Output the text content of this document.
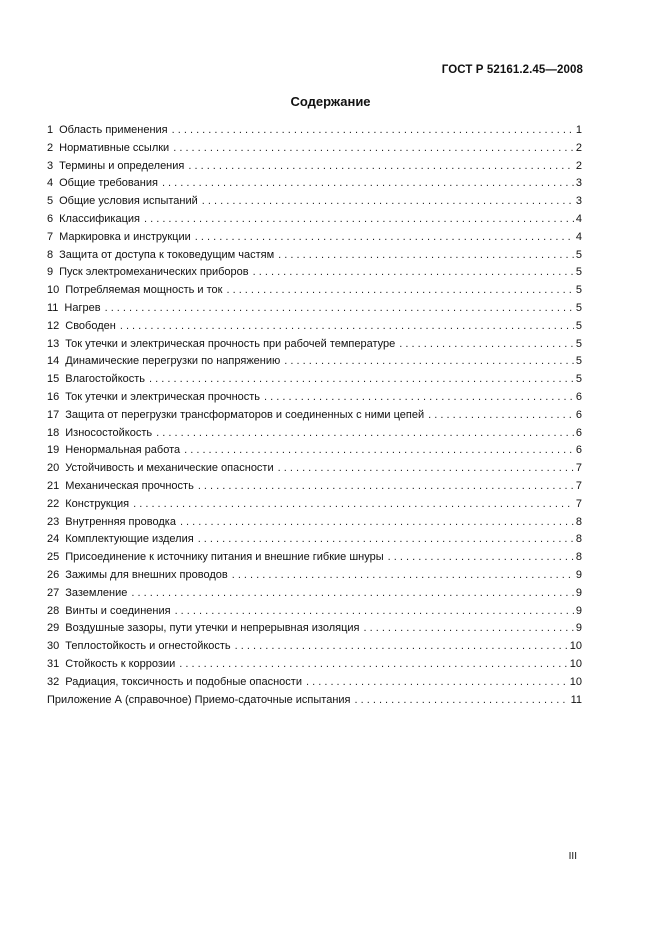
ГОСТ Р 52161.2.45—2008
Содержание
1 Область применения . . .	1
2 Нормативные ссылки . . .	2
3 Термины и определения . . .	2
4 Общие требования . . .	3
5 Общие условия испытаний . . .	3
6 Классификация . . .	4
7 Маркировка и инструкции . . .	4
8 Защита от доступа к токоведущим частям . . .	5
9 Пуск электромеханических приборов . . .	5
10 Потребляемая мощность и ток . . .	5
11 Нагрев . . .	5
12 Свободен . . .	5
13 Ток утечки и электрическая прочность при рабочей температуре . . .	5
14 Динамические перегрузки по напряжению . . .	5
15 Влагостойкость . . .	5
16 Ток утечки и электрическая прочность . . .	6
17 Защита от перегрузки трансформаторов и соединенных с ними цепей . . .	6
18 Износостойкость . . .	6
19 Ненормальная работа . . .	6
20 Устойчивость и механические опасности . . .	7
21 Механическая прочность . . .	7
22 Конструкция . . .	7
23 Внутренняя проводка . . .	8
24 Комплектующие изделия . . .	8
25 Присоединение к источнику питания и внешние гибкие шнуры . . .	8
26 Зажимы для внешних проводов . . .	9
27 Заземление . . .	9
28 Винты и соединения . . .	9
29 Воздушные зазоры, пути утечки и непрерывная изоляция . . .	9
30 Теплостойкость и огнестойкость . . .	10
31 Стойкость к коррозии . . .	10
32 Радиация, токсичность и подобные опасности . . .	10
Приложение А (справочное) Приемо-сдаточные испытания . . .	11
III
